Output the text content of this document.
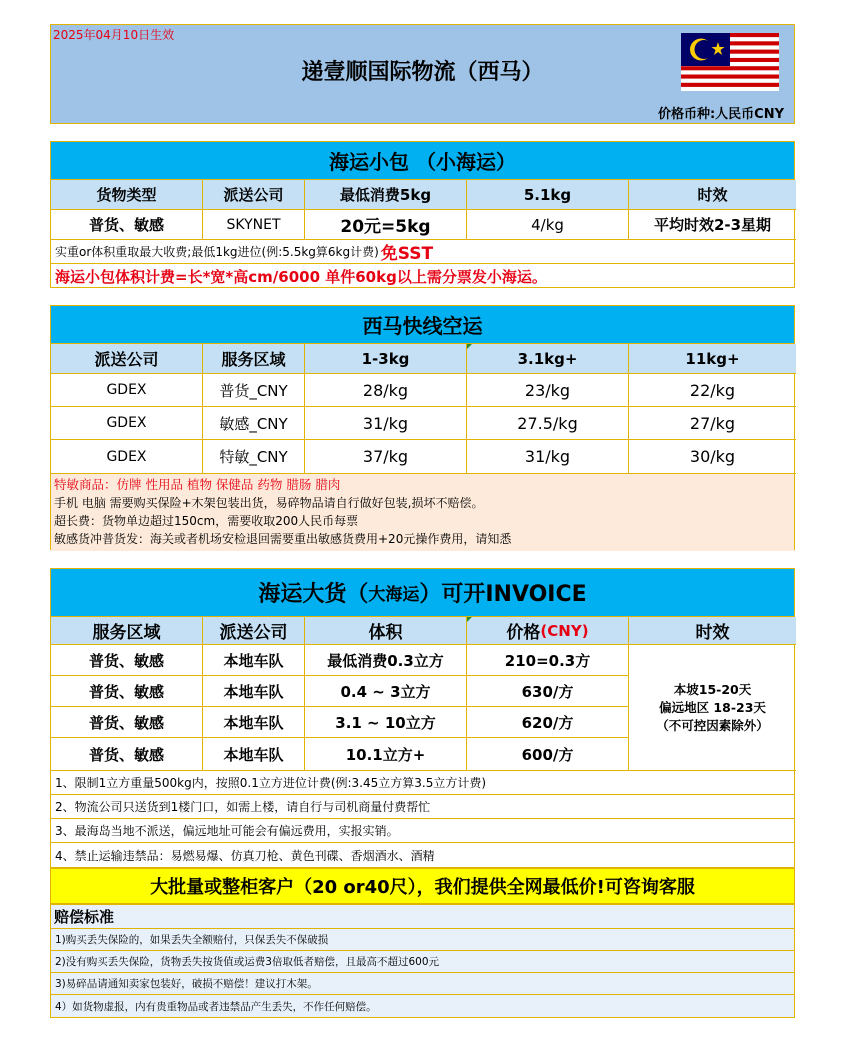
2025年04月10日生效
递壹顺国际物流（西马）
价格币种:人民币CNY
海运小包 （小海运）
货物类型	派送公司	最低消费5kg	5.1kg	时效
普货、敏感	SKYNET	20元=5kg	4/kg	平均时效2-3星期
实重or体积重取最大收费;最低1kg进位(例:5.5kg算6kg计费) 免SST
海运小包体积计费=长*宽*高cm/6000 单件60kg以上需分票发小海运。
西马快线空运
派送公司	服务区域	1-3kg	3.1kg+	11kg+
GDEX	普货_CNY	28/kg	23/kg	22/kg
GDEX	敏感_CNY	31/kg	27.5/kg	27/kg
GDEX	特敏_CNY	37/kg	31/kg	30/kg
特敏商品：仿牌 性用品 植物 保健品 药物 腊肠 腊肉
手机 电脑 需要购买保险+木架包装出货，易碎物品请自行做好包装,损坏不赔偿。
超长费：货物单边超过150cm，需要收取200人民币每票
敏感货冲普货发：海关或者机场安检退回需要重出敏感货费用+20元操作费用，请知悉
海运大货 （ 大海运 ） 可开INVOICE
服务区域	派送公司	体积	价格 (CNY)	时效
普货、敏感	本地车队	最低消费0.3立方	210=0.3方
普货、敏感	本地车队	0.4 ~ 3立方	630/方
普货、敏感	本地车队	3.1 ~ 10立方	620/方
普货、敏感	本地车队	10.1立方+	600/方
本坡15-20天
偏远地区 18-23天
（不可控因素除外）
1、限制1立方重量500kg内，按照0.1立方进位计费(例:3.45立方算3.5立方计费)
2、物流公司只送货到1楼门口，如需上楼，请自行与司机商量付费帮忙
3、最海岛当地不派送，偏远地址可能会有偏远费用，实报实销。
4、禁止运输违禁品：易燃易爆、仿真刀枪、黄色刊碟、香烟酒水、酒精
大批量或整柜客户（20 or40尺），我们提供全网最低价!可咨询客服
赔偿标准
1)购买丢失保险的，如果丢失全额赔付，只保丢失不保破损
2)没有购买丢失保险，货物丢失按货值或运费3倍取低者赔偿，且最高不超过600元
3)易碎品请通知卖家包装好，破损不赔偿！建议打木架。
4）如货物虚报，内有贵重物品或者违禁品产生丢失，不作任何赔偿。
